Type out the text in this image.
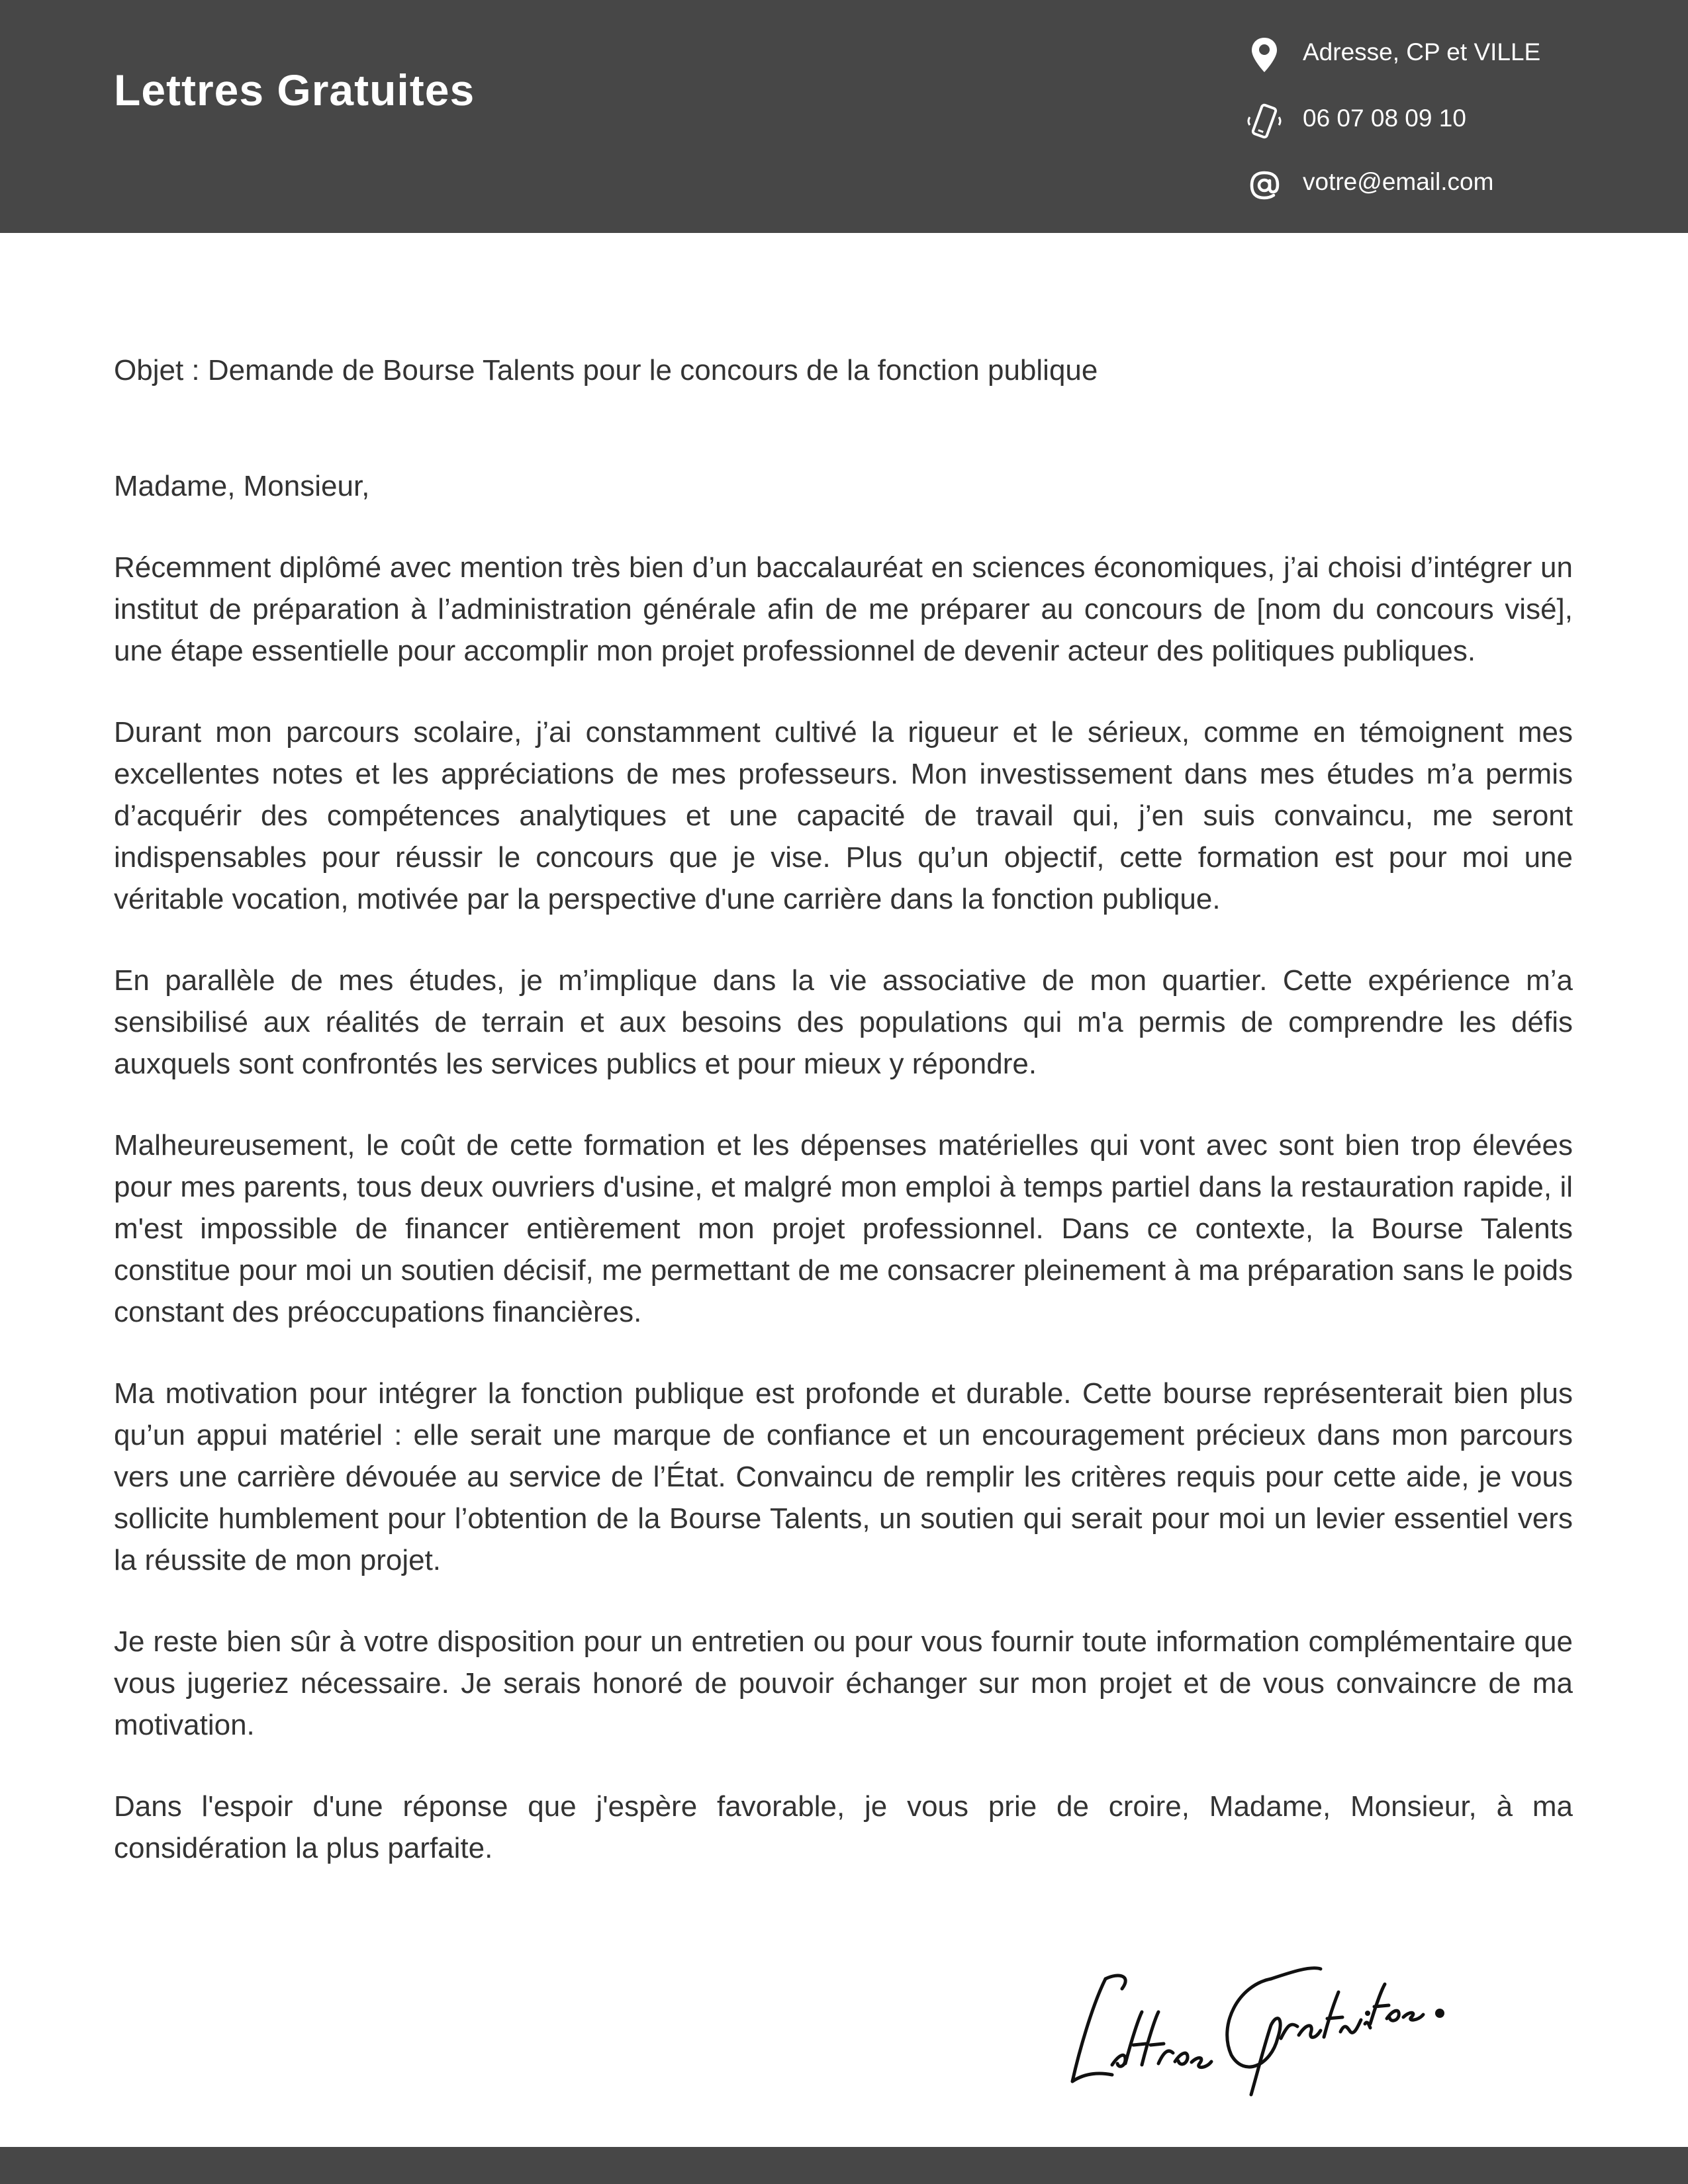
Lettres Gratuites
Adresse, CP et VILLE
06 07 08 09 10
votre@email.com

Objet : Demande de Bourse Talents pour le concours de la fonction publique

Madame, Monsieur,

Récemment diplômé avec mention très bien d’un baccalauréat en sciences économiques, j’ai choisi d’intégrer un institut de préparation à l’administration générale afin de me préparer au concours de [nom du concours visé], une étape essentielle pour accomplir mon projet professionnel de devenir acteur des politiques publiques.

Durant mon parcours scolaire, j’ai constamment cultivé la rigueur et le sérieux, comme en témoignent mes excellentes notes et les appréciations de mes professeurs. Mon investissement dans mes études m’a permis d’acquérir des compétences analytiques et une capacité de travail qui, j’en suis convaincu, me seront indispensables pour réussir le concours que je vise. Plus qu’un objectif, cette formation est pour moi une véritable vocation, motivée par la perspective d'une carrière dans la fonction publique.

En parallèle de mes études, je m’implique dans la vie associative de mon quartier. Cette expérience m’a sensibilisé aux réalités de terrain et aux besoins des populations qui m'a permis de comprendre les défis auxquels sont confrontés les services publics et pour mieux y répondre.

Malheureusement, le coût de cette formation et les dépenses matérielles qui vont avec sont bien trop élevées pour mes parents, tous deux ouvriers d'usine, et malgré mon emploi à temps partiel dans la restauration rapide, il m'est impossible de financer entièrement mon projet professionnel. Dans ce contexte, la Bourse Talents constitue pour moi un soutien décisif, me permettant de me consacrer pleinement à ma préparation sans le poids constant des préoccupations financières.

Ma motivation pour intégrer la fonction publique est profonde et durable. Cette bourse représenterait bien plus qu’un appui matériel : elle serait une marque de confiance et un encouragement précieux dans mon parcours vers une carrière dévouée au service de l’État. Convaincu de remplir les critères requis pour cette aide, je vous sollicite humblement pour l’obtention de la Bourse Talents, un soutien qui serait pour moi un levier essentiel vers la réussite de mon projet.

Je reste bien sûr à votre disposition pour un entretien ou pour vous fournir toute information complémentaire que vous jugeriez nécessaire. Je serais honoré de pouvoir échanger sur mon projet et de vous convaincre de ma motivation.

Dans l'espoir d'une réponse que j'espère favorable, je vous prie de croire, Madame, Monsieur, à ma considération la plus parfaite.
